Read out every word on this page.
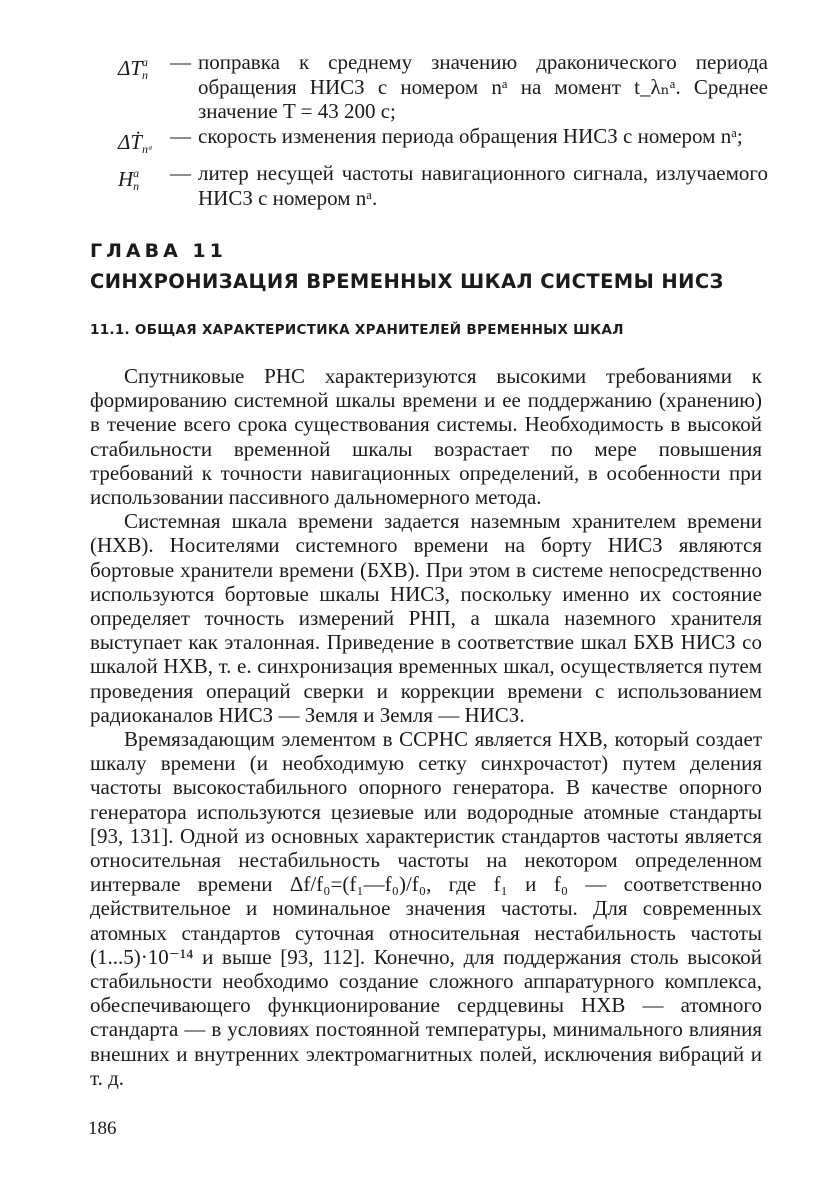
$\Delta T_n^a$	— поправка к среднему значению драконического периода обращения НИСЗ с номером nᵃ на момент t_λₙᵃ. Среднее значение T = 43 200 с;
ΔṪ$_{nᵃ}$
— скорость изменения периода обращения НИСЗ с номером nᵃ;
$H_n^a$	— литер несущей частоты навигационного сигнала, излучаемого НИСЗ с номером nᵃ.
ГЛАВА 11
СИНХРОНИЗАЦИЯ ВРЕМЕННЫХ ШКАЛ СИСТЕМЫ НИСЗ
11.1. ОБЩАЯ ХАРАКТЕРИСТИКА ХРАНИТЕЛЕЙ ВРЕМЕННЫХ ШКАЛ

Спутниковые РНС характеризуются высокими требованиями к формированию системной шкалы времени и ее поддержанию (хранению) в течение всего срока существования системы. Необходимость в высокой стабильности временной шкалы возрастает по мере повышения требований к точности навигационных определений, в особенности при использовании пассивного дальномерного метода.

Системная шкала времени задается наземным хранителем времени (НХВ). Носителями системного времени на борту НИСЗ являются бортовые хранители времени (БХВ). При этом в системе непосредственно используются бортовые шкалы НИСЗ, поскольку именно их состояние определяет точность измерений РНП, а шкала наземного хранителя выступает как эталонная. Приведение в соответствие шкал БХВ НИСЗ со шкалой НХВ, т. е. синхронизация временных шкал, осуществляется путем проведения операций сверки и коррекции времени с использованием радиоканалов НИСЗ — Земля и Земля — НИСЗ.

Времязадающим элементом в ССРНС является НХВ, который создает шкалу времени (и необходимую сетку синхрочастот) путем деления частоты высокостабильного опорного генератора. В качестве опорного генератора используются цезиевые или водородные атомные стандарты [93, 131]. Одной из основных характеристик стандартов частоты является относительная нестабильность частоты на некотором определенном интервале времени Δf/f₀=(f₁—f₀)/f₀, где f₁ и f₀ — соответственно действительное и номинальное значения частоты. Для современных атомных стандартов суточная относительная нестабильность частоты (1...5)·10⁻¹⁴ и выше [93, 112]. Конечно, для поддержания столь высокой стабильности необходимо создание сложного аппаратурного комплекса, обеспечивающего функционирование сердцевины НХВ — атомного стандарта — в условиях постоянной температуры, минимального влияния внешних и внутренних электромагнитных полей, исключения вибраций и т. д.

186
